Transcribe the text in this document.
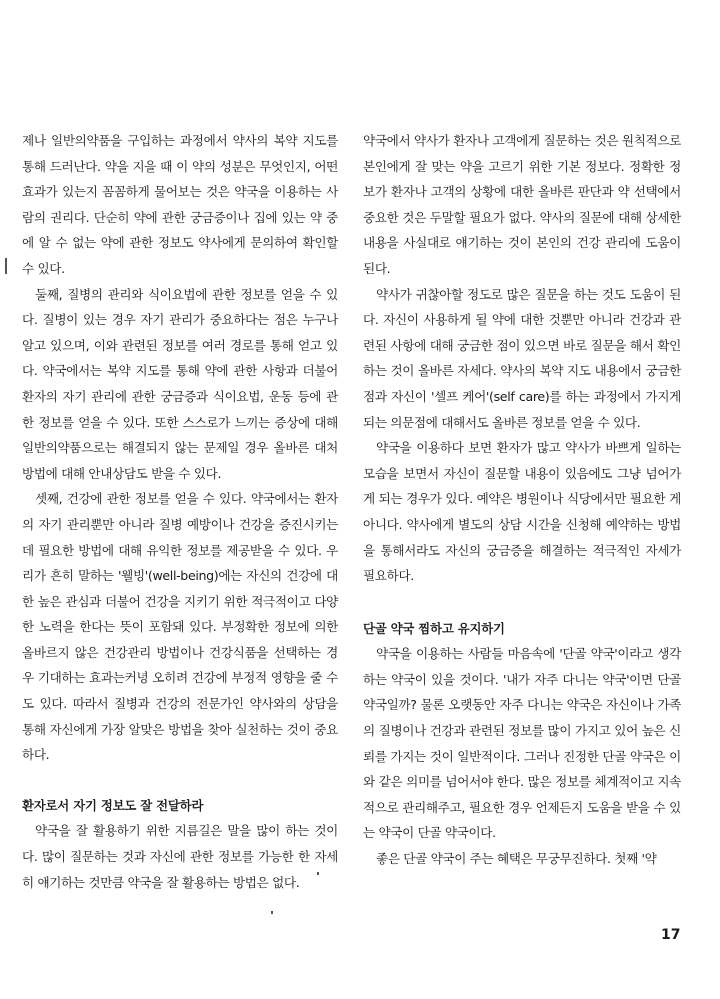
제나 일반의약품을 구입하는 과정에서 약사의 복약 지도를 통해 드러난다. 약을 지을 때 이 약의 성분은 무엇인지, 어떤 효과가 있는지 꼼꼼하게 물어보는 것은 약국을 이용하는 사람의 권리다. 단순히 약에 관한 궁금증이나 집에 있는 약 중에 알 수 없는 약에 관한 정보도 약사에게 문의하여 확인할 수 있다.

둘째, 질병의 관리와 식이요법에 관한 정보를 얻을 수 있다. 질병이 있는 경우 자기 관리가 중요하다는 점은 누구나 알고 있으며, 이와 관련된 정보를 여러 경로를 통해 얻고 있다. 약국에서는 복약 지도를 통해 약에 관한 사항과 더불어 환자의 자기 관리에 관한 궁금증과 식이요법, 운동 등에 관한 정보를 얻을 수 있다. 또한 스스로가 느끼는 증상에 대해 일반의약품으로는 해결되지 않는 문제일 경우 올바른 대처 방법에 대해 안내상담도 받을 수 있다.

셋째, 건강에 관한 정보를 얻을 수 있다. 약국에서는 환자의 자기 관리뿐만 아니라 질병 예방이나 건강을 증진시키는 데 필요한 방법에 대해 유익한 정보를 제공받을 수 있다. 우리가 흔히 말하는 '웰빙'(well-being)에는 자신의 건강에 대한 높은 관심과 더불어 건강을 지키기 위한 적극적이고 다양한 노력을 한다는 뜻이 포함돼 있다. 부정확한 정보에 의한 올바르지 않은 건강관리 방법이나 건강식품을 선택하는 경우 기대하는 효과는커녕 오히려 건강에 부정적 영향을 줄 수도 있다. 따라서 질병과 건강의 전문가인 약사와의 상담을 통해 자신에게 가장 알맞은 방법을 찾아 실천하는 것이 중요하다.

환자로서 자기 정보도 잘 전달하라

약국을 잘 활용하기 위한 지름길은 말을 많이 하는 것이다. 많이 질문하는 것과 자신에 관한 정보를 가능한 한 자세히 얘기하는 것만큼 약국을 잘 활용하는 방법은 없다.

약국에서 약사가 환자나 고객에게 질문하는 것은 원칙적으로 본인에게 잘 맞는 약을 고르기 위한 기본 정보다. 정확한 정보가 환자나 고객의 상황에 대한 올바른 판단과 약 선택에서 중요한 것은 두말할 필요가 없다. 약사의 질문에 대해 상세한 내용을 사실대로 얘기하는 것이 본인의 건강 관리에 도움이 된다.

약사가 귀찮아할 정도로 많은 질문을 하는 것도 도움이 된다. 자신이 사용하게 될 약에 대한 것뿐만 아니라 건강과 관련된 사항에 대해 궁금한 점이 있으면 바로 질문을 해서 확인하는 것이 올바른 자세다. 약사의 복약 지도 내용에서 궁금한 점과 자신이 '셀프 케어'(self care)를 하는 과정에서 가지게 되는 의문점에 대해서도 올바른 정보를 얻을 수 있다.

약국을 이용하다 보면 환자가 많고 약사가 바쁘게 일하는 모습을 보면서 자신이 질문할 내용이 있음에도 그냥 넘어가게 되는 경우가 있다. 예약은 병원이나 식당에서만 필요한 게 아니다. 약사에게 별도의 상담 시간을 신청해 예약하는 방법을 통해서라도 자신의 궁금증을 해결하는 적극적인 자세가 필요하다.

단골 약국 찜하고 유지하기

약국을 이용하는 사람들 마음속에 '단골 약국'이라고 생각하는 약국이 있을 것이다. '내가 자주 다니는 약국'이면 단골 약국일까? 물론 오랫동안 자주 다니는 약국은 자신이나 가족의 질병이나 건강과 관련된 정보를 많이 가지고 있어 높은 신뢰를 가지는 것이 일반적이다. 그러나 진정한 단골 약국은 이와 같은 의미를 넘어서야 한다. 많은 정보를 체계적이고 지속적으로 관리해주고, 필요한 경우 언제든지 도움을 받을 수 있는 약국이 단골 약국이다.

좋은 단골 약국이 주는 혜택은 무궁무진하다. 첫째 '약

17
